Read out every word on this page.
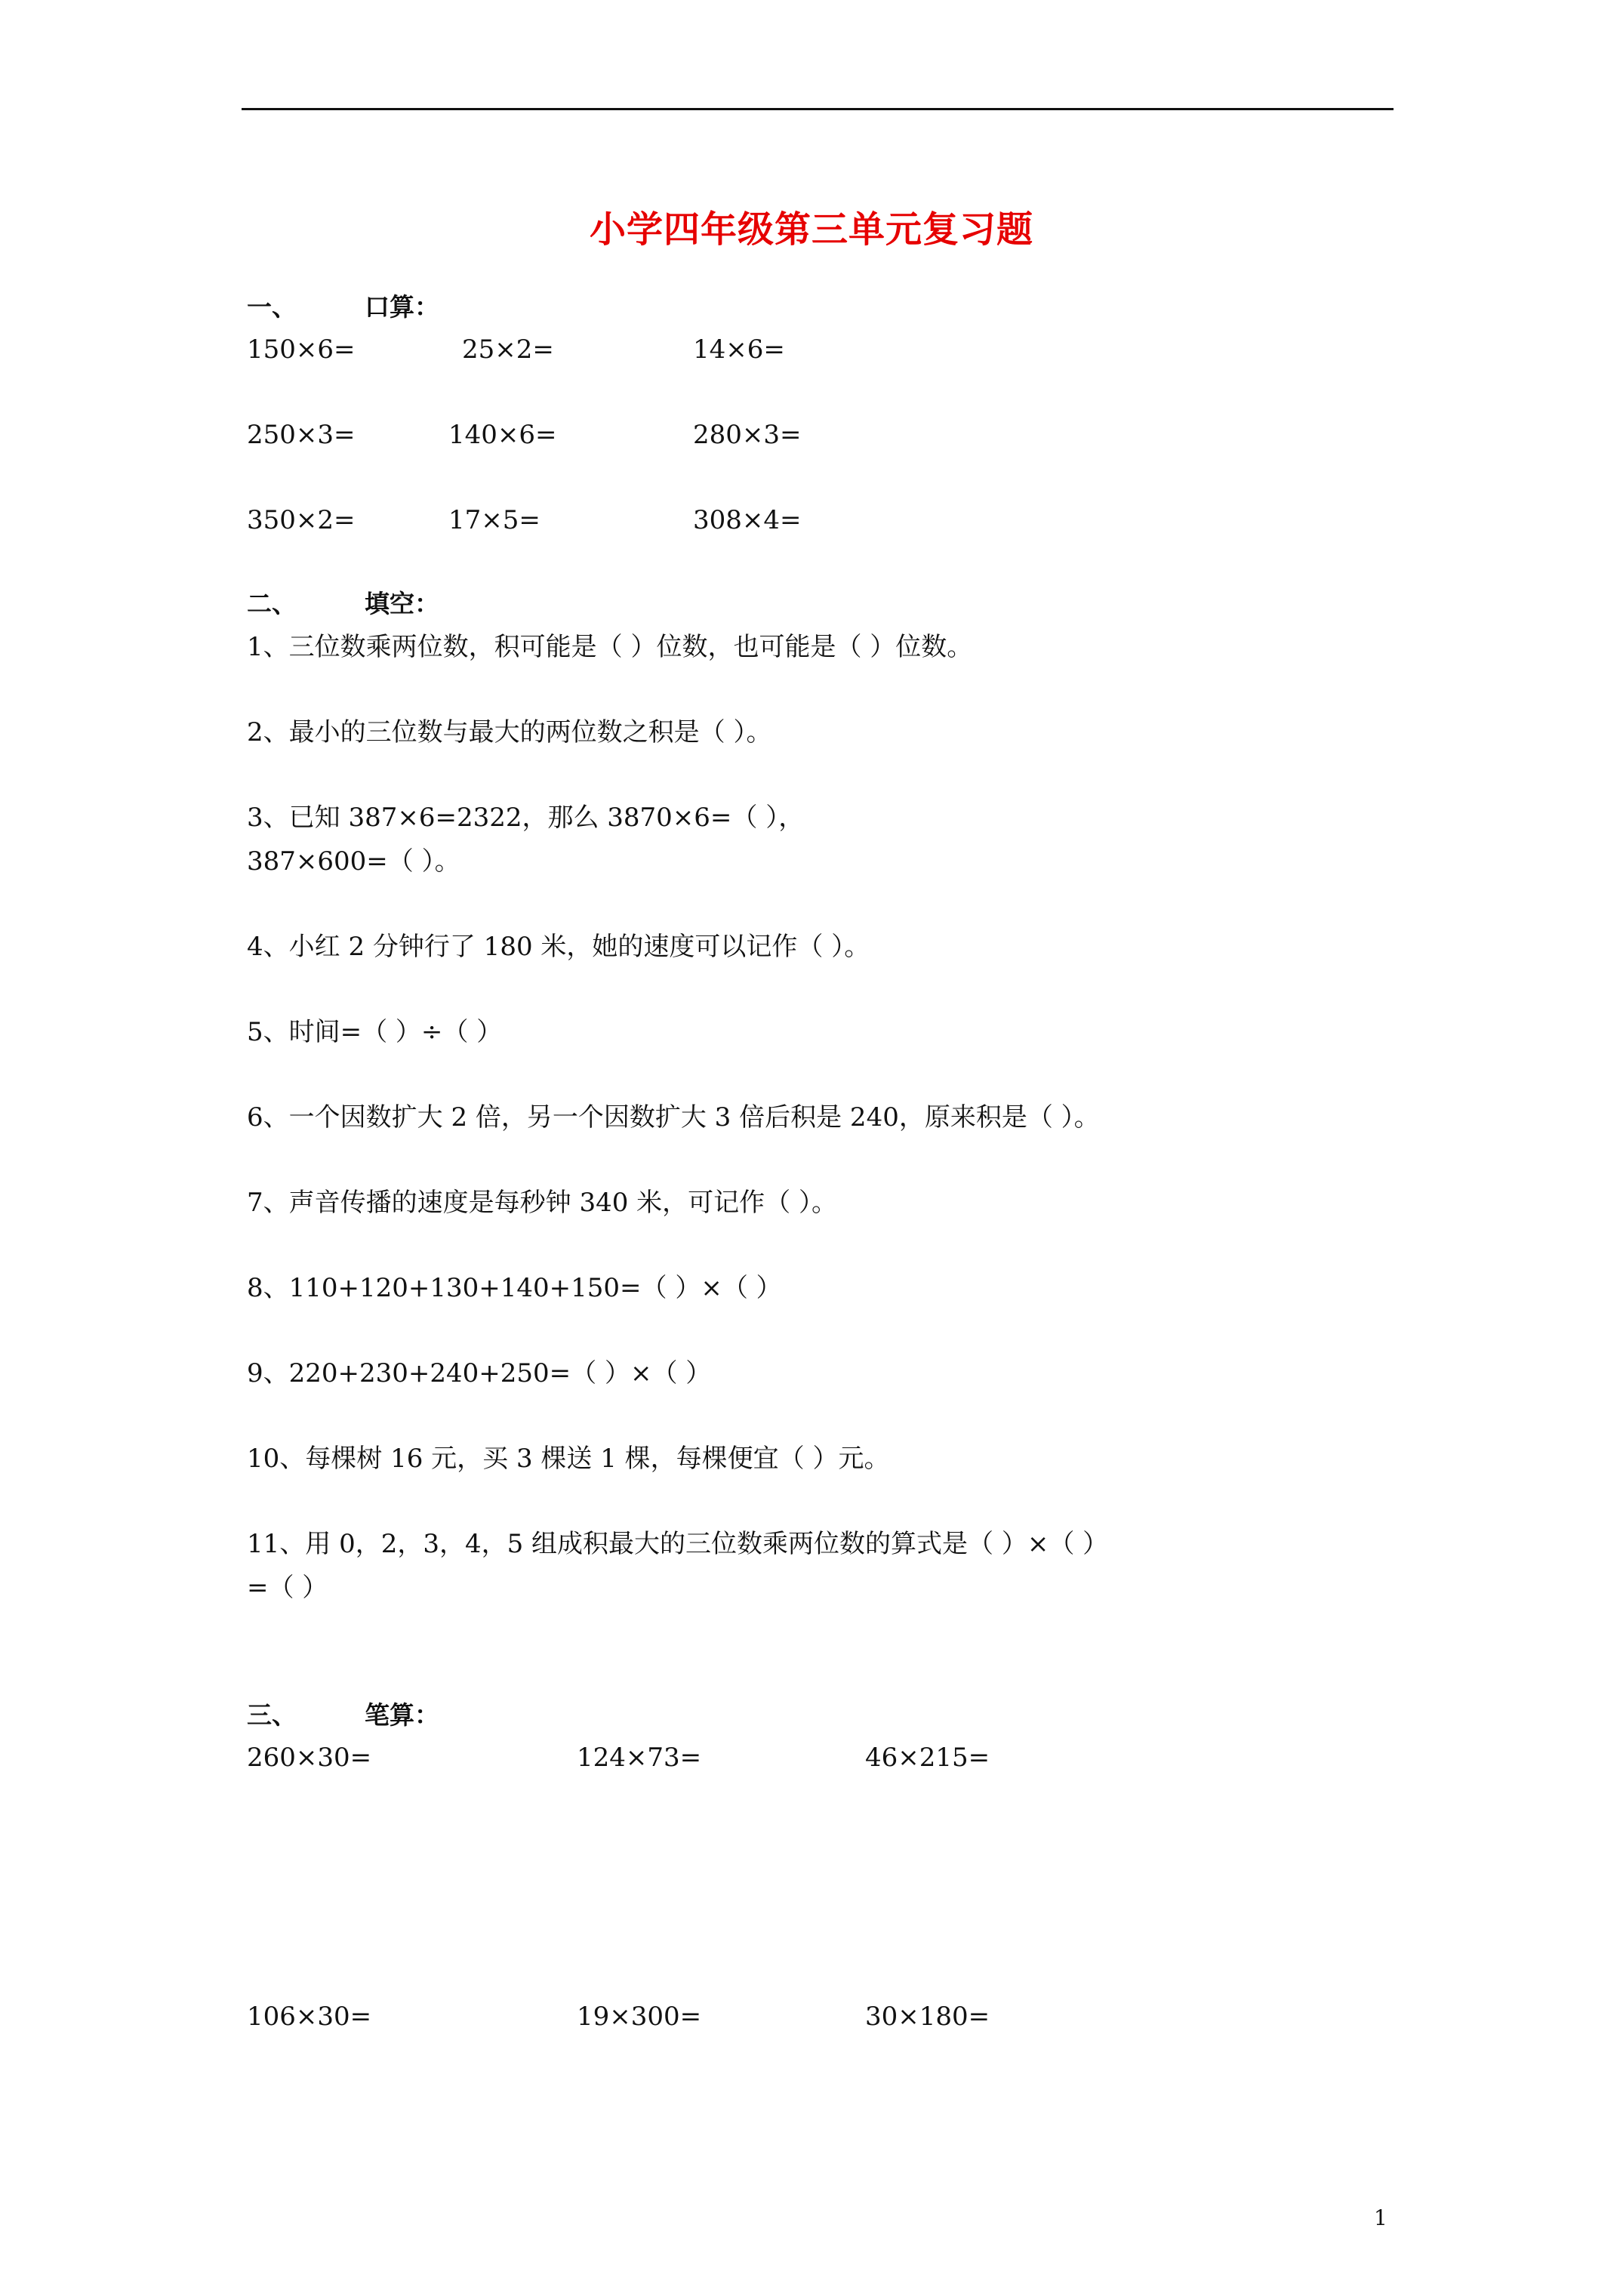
小学四年级第三单元复习题
一、	口算：
150×6=	25×2=	14×6=
250×3=	140×6=	280×3=
350×2=	17×5=	308×4=
二、	填空：
1、三位数乘两位数，积可能是（ ）位数，也可能是（ ）位数。
2、最小的三位数与最大的两位数之积是（ ）。
3、已知 387×6=2322，那么 3870×6=（ ），
387×600=（ ）。
4、小红 2 分钟行了 180 米，她的速度可以记作（ ）。
5、时间=（ ）÷（ ）
6、一个因数扩大 2 倍，另一个因数扩大 3 倍后积是 240，原来积是（ ）。
7、声音传播的速度是每秒钟 340 米，可记作（ ）。
8、110+120+130+140+150=（ ）×（ ）
9、220+230+240+250=（ ）×（ ）
10、每棵树 16 元，买 3 棵送 1 棵，每棵便宜（ ）元。
11、用 0，2，3，4，5 组成积最大的三位数乘两位数的算式是（ ）×（ ）
=（ ）
三、	笔算：
260×30=	124×73=	46×215=
106×30=	19×300=	30×180=
1
